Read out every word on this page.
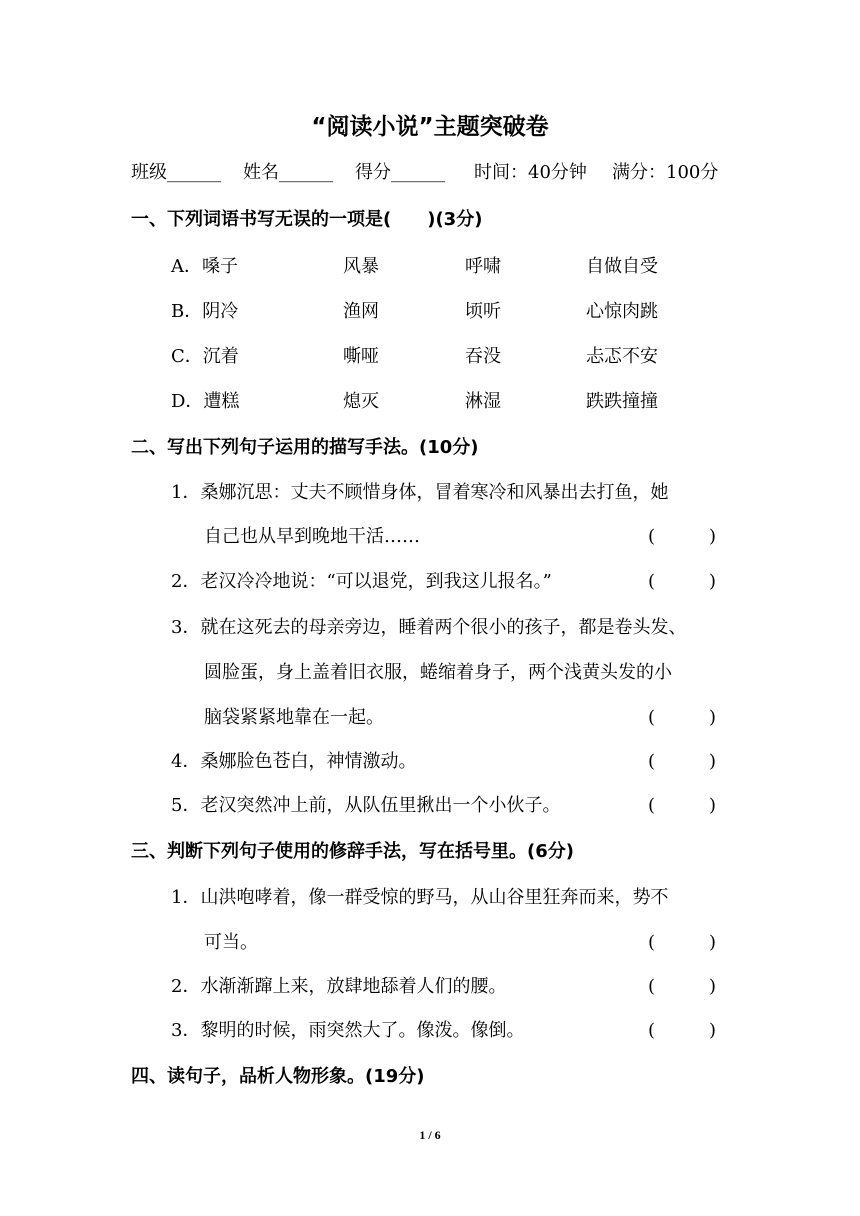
“阅读小说”主题突破卷
班级______ 姓名______ 得分______ 时间：40分钟 满分：100分
一、下列词语书写无误的一项是(　　)(3分)
A．嗓子	风暴	呼啸	自做自受
B．阴冷	渔网	顷听	心惊肉跳
C．沉着	嘶哑	吞没	忐忑不安
D．遭糕	熄灭	淋湿	跌跌撞撞
二、写出下列句子运用的描写手法。(10分)
1．桑娜沉思：丈夫不顾惜身体，冒着寒冷和风暴出去打鱼，她
自己也从早到晚地干活……	(　　　)
2．老汉冷冷地说：“可以退党，到我这儿报名。”	(　　　)
3．就在这死去的母亲旁边，睡着两个很小的孩子，都是卷头发、
圆脸蛋，身上盖着旧衣服，蜷缩着身子，两个浅黄头发的小
脑袋紧紧地靠在一起。	(　　　)
4．桑娜脸色苍白，神情激动。	(　　　)
5．老汉突然冲上前，从队伍里揪出一个小伙子。	(　　　)
三、判断下列句子使用的修辞手法，写在括号里。(6分)
1．山洪咆哮着，像一群受惊的野马，从山谷里狂奔而来，势不
可当。	(　　　)
2．水渐渐蹿上来，放肆地舔着人们的腰。	(　　　)
3．黎明的时候，雨突然大了。像泼。像倒。	(　　　)
四、读句子，品析人物形象。(19分)
1 / 6
